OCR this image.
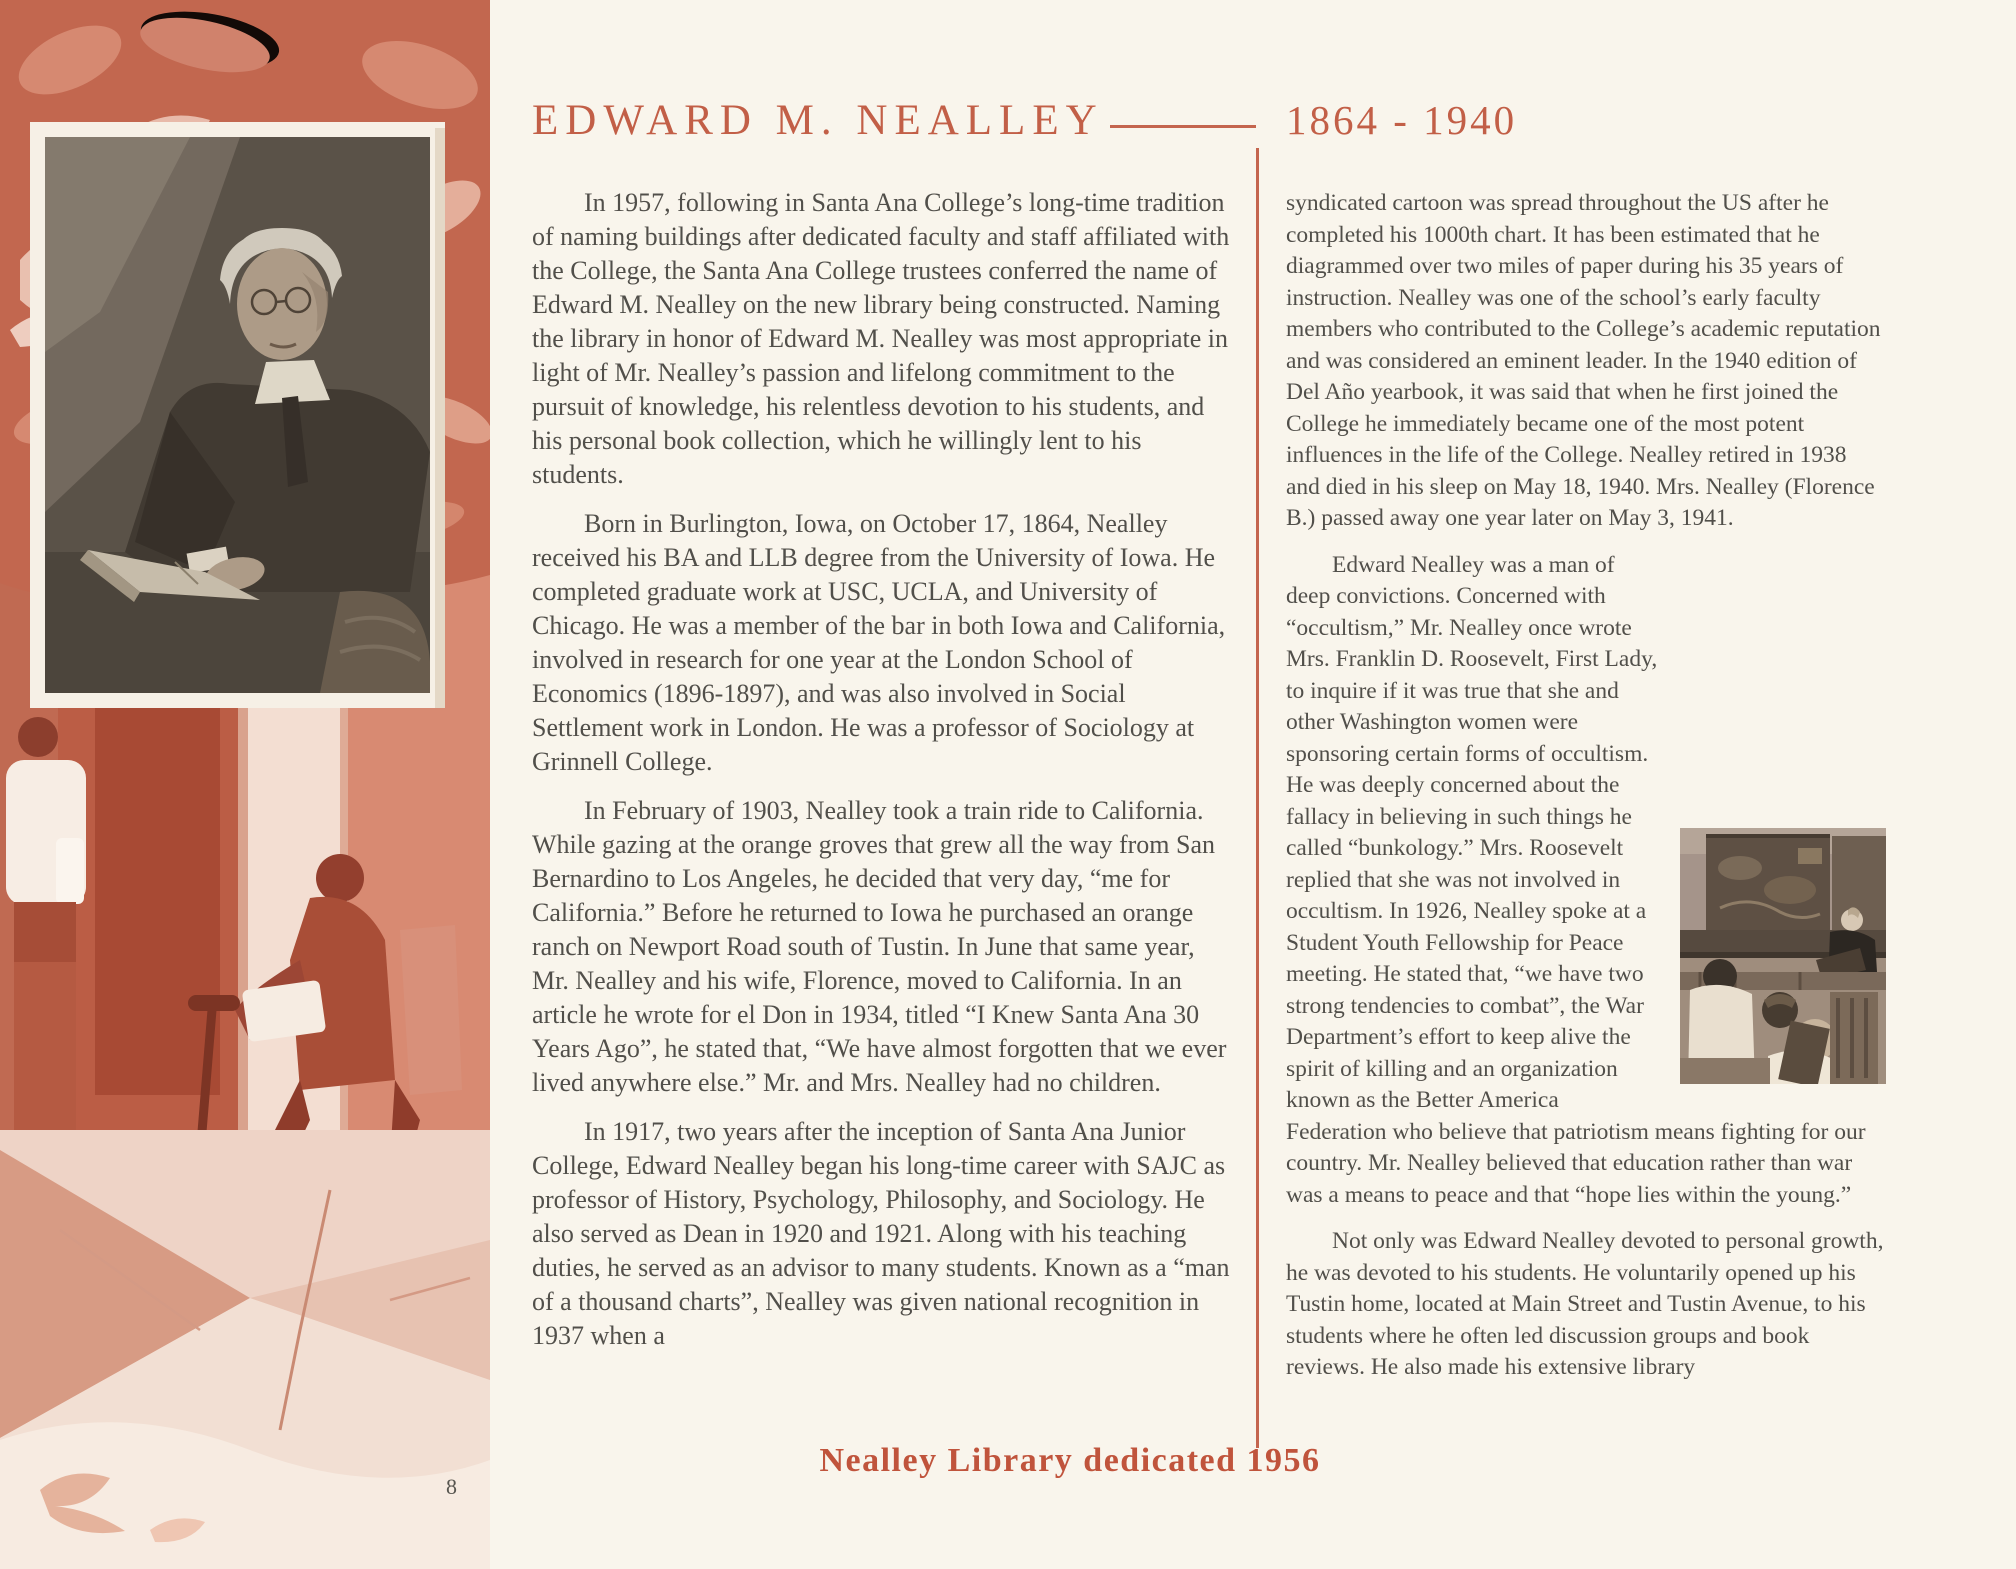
EDWARD M. NEALLEY	1864 - 1940

In 1957, following in Santa Ana College’s long-time tradition of naming buildings after dedicated faculty and staff affiliated with the College, the Santa Ana College trustees conferred the name of Edward M. Nealley on the new library being constructed. Naming the library in honor of Edward M. Nealley was most appropriate in light of Mr. Nealley’s passion and lifelong commitment to the pursuit of knowledge, his relentless devotion to his students, and his personal book collection, which he willingly lent to his students.

Born in Burlington, Iowa, on October 17, 1864, Nealley received his BA and LLB degree from the University of Iowa. He completed graduate work at USC, UCLA, and University of Chicago. He was a member of the bar in both Iowa and California, involved in research for one year at the London School of Economics (1896-1897), and was also involved in Social Settlement work in London. He was a professor of Sociology at Grinnell College.

In February of 1903, Nealley took a train ride to California. While gazing at the orange groves that grew all the way from San Bernardino to Los Angeles, he decided that very day, “me for California.” Before he returned to Iowa he purchased an orange ranch on Newport Road south of Tustin. In June that same year, Mr. Nealley and his wife, Florence, moved to California. In an article he wrote for el Don in 1934, titled “I Knew Santa Ana 30 Years Ago”, he stated that, “We have almost forgotten that we ever lived anywhere else.” Mr. and Mrs. Nealley had no children.

In 1917, two years after the inception of Santa Ana Junior College, Edward Nealley began his long-time career with SAJC as professor of History, Psychology, Philosophy, and Sociology. He also served as Dean in 1920 and 1921. Along with his teaching duties, he served as an advisor to many students. Known as a “man of a thousand charts”, Nealley was given national recognition in 1937 when a

syndicated cartoon was spread throughout the US after he completed his 1000th chart. It has been estimated that he diagrammed over two miles of paper during his 35 years of instruction. Nealley was one of the school’s early faculty members who contributed to the College’s academic reputation and was considered an eminent leader. In the 1940 edition of Del Año yearbook, it was said that when he first joined the College he immediately became one of the most potent influences in the life of the College. Nealley retired in 1938 and died in his sleep on May 18, 1940. Mrs. Nealley (Florence B.) passed away one year later on May 3, 1941.

Edward Nealley was a man of deep convictions. Concerned with “occultism,” Mr. Nealley once wrote Mrs. Franklin D. Roosevelt, First Lady, to inquire if it was true that she and other Washington women were sponsoring certain forms of occultism. He was deeply concerned about the fallacy in believing in such things he called “bunkology.” Mrs. Roosevelt replied that she was not involved in occultism. In 1926, Nealley spoke at a Student Youth Fellowship for Peace meeting. He stated that, “we have two strong tendencies to combat”, the War Department’s effort to keep alive the spirit of killing and an organization known as the Better America Federation who believe that patriotism means fighting for our country. Mr. Nealley believed that education rather than war was a means to peace and that “hope lies within the young.”

Not only was Edward Nealley devoted to personal growth, he was devoted to his students. He voluntarily opened up his Tustin home, located at Main Street and Tustin Avenue, to his students where he often led discussion groups and book reviews. He also made his extensive library

Nealley Library dedicated 1956
8
